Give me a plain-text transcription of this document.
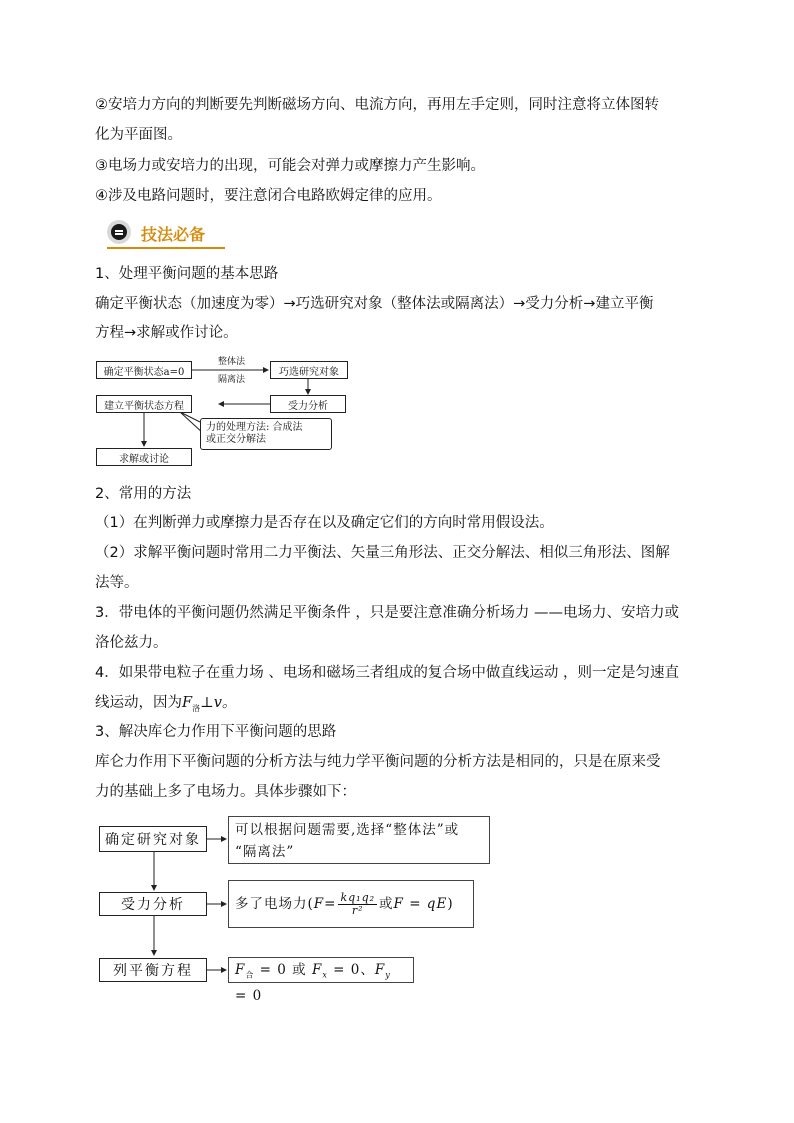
②安培力方向的判断要先判断磁场方向、电流方向，再用左手定则，同时注意将立体图转
化为平面图。
③电场力或安培力的出现，可能会对弹力或摩擦力产生影响。
④涉及电路问题时，要注意闭合电路欧姆定律的应用。
技法必备
1、处理平衡问题的基本思路
确定平衡状态（加速度为零）→巧选研究对象（整体法或隔离法）→受力分析→建立平衡
方程→求解或作讨论。
确定平衡状态a=0
整体法
隔离法
巧选研究对象
受力分析
建立平衡状态方程
力的处理方法: 合成法
或正交分解法
求解或讨论
2、常用的方法
（1）在判断弹力或摩擦力是否存在以及确定它们的方向时常用假设法。
（2）求解平衡问题时常用二力平衡法、矢量三角形法、正交分解法、相似三角形法、图解
法等。
3．带电体的平衡问题仍然满足平衡条件 ，只是要注意准确分析场力 ——电场力、安培力或
洛伦兹力。
4．如果带电粒子在重力场 、电场和磁场三者组成的复合场中做直线运动 ，则一定是匀速直
线运动，因为$F_洛\perp v$。
3、解决库仑力作用下平衡问题的思路
库仑力作用下平衡问题的分析方法与纯力学平衡问题的分析方法是相同的，只是在原来受
力的基础上多了电场力。具体步骤如下：
确定研究对象
可以根据问题需要,选择“整体法”或
“隔离法”
受力分析	多了电场力( $F = \frac{\text{kq₁q₂}}{\text{r²}}$ 或 F = qE )
列平衡方程	$F_合 = 0$ 或 $F_x = 0$、$F_y = 0$
